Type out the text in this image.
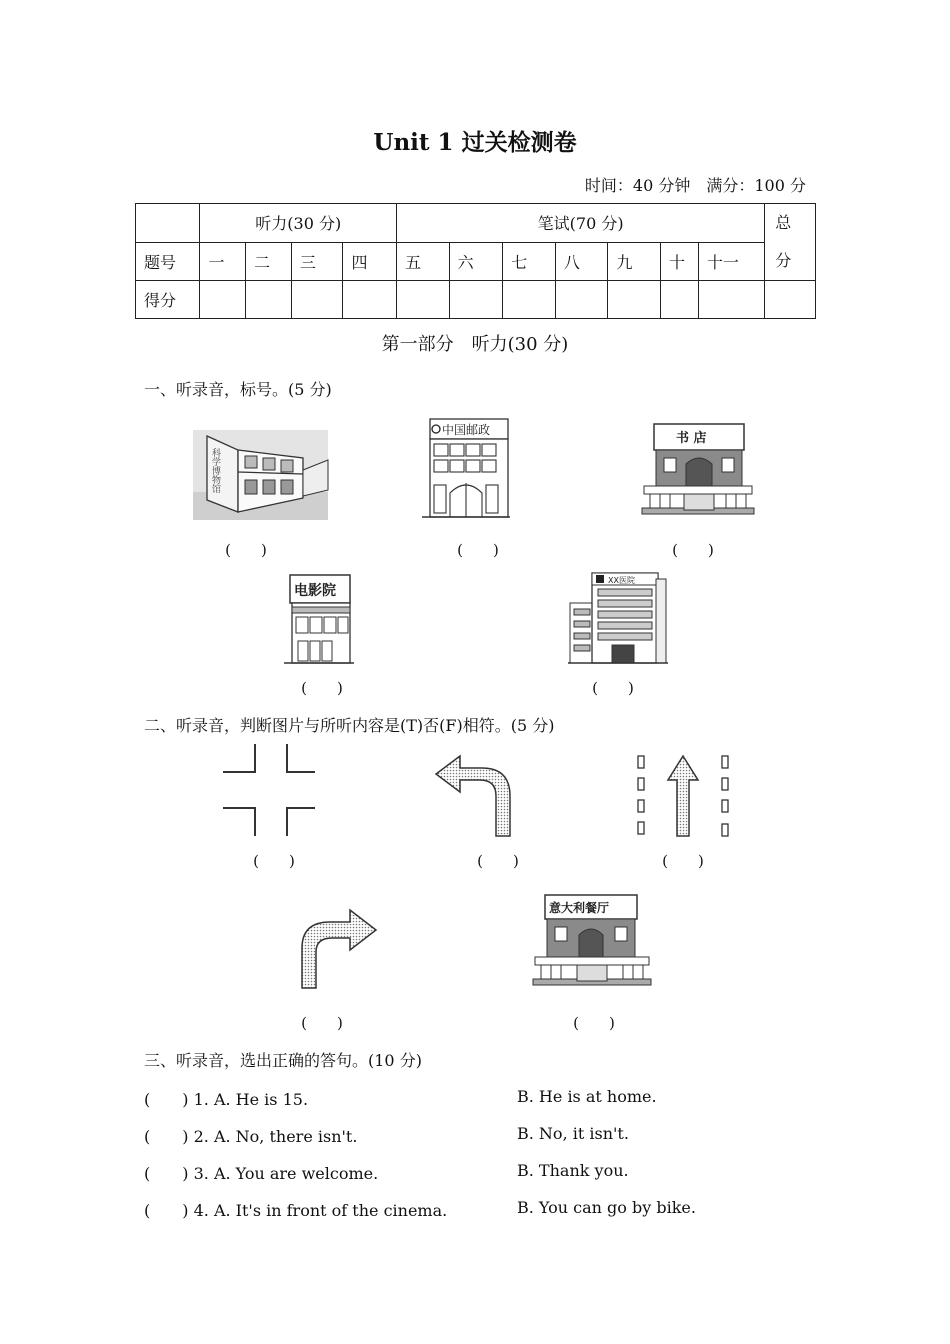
Unit 1 过关检测卷
时间：40 分钟　满分：100 分
	听力(30 分)				笔试(70 分)							总
分
题号	一	二	三	四	五	六	七	八	九	十	十一	
得分												
第一部分　听力(30 分)
一、听录音，标号。(5 分)
科学博物馆
(　　)
中国邮政
(　　)
书 店
(　　)
电影院
(　　)
XX医院
(　　)
二、听录音，判断图片与所听内容是(T)否(F)相符。(5 分)
(　　)	(　　)	(　　)
(　　)
意大利餐厅
(　　)
三、听录音，选出正确的答句。(10 分)
(　　) 1. A. He is 15.	B. He is at home.
(　　) 2. A. No, there isn't.	B. No, it isn't.
(　　) 3. A. You are welcome.	B. Thank you.
(　　) 4. A. It's in front of the cinema.	B. You can go by bike.
